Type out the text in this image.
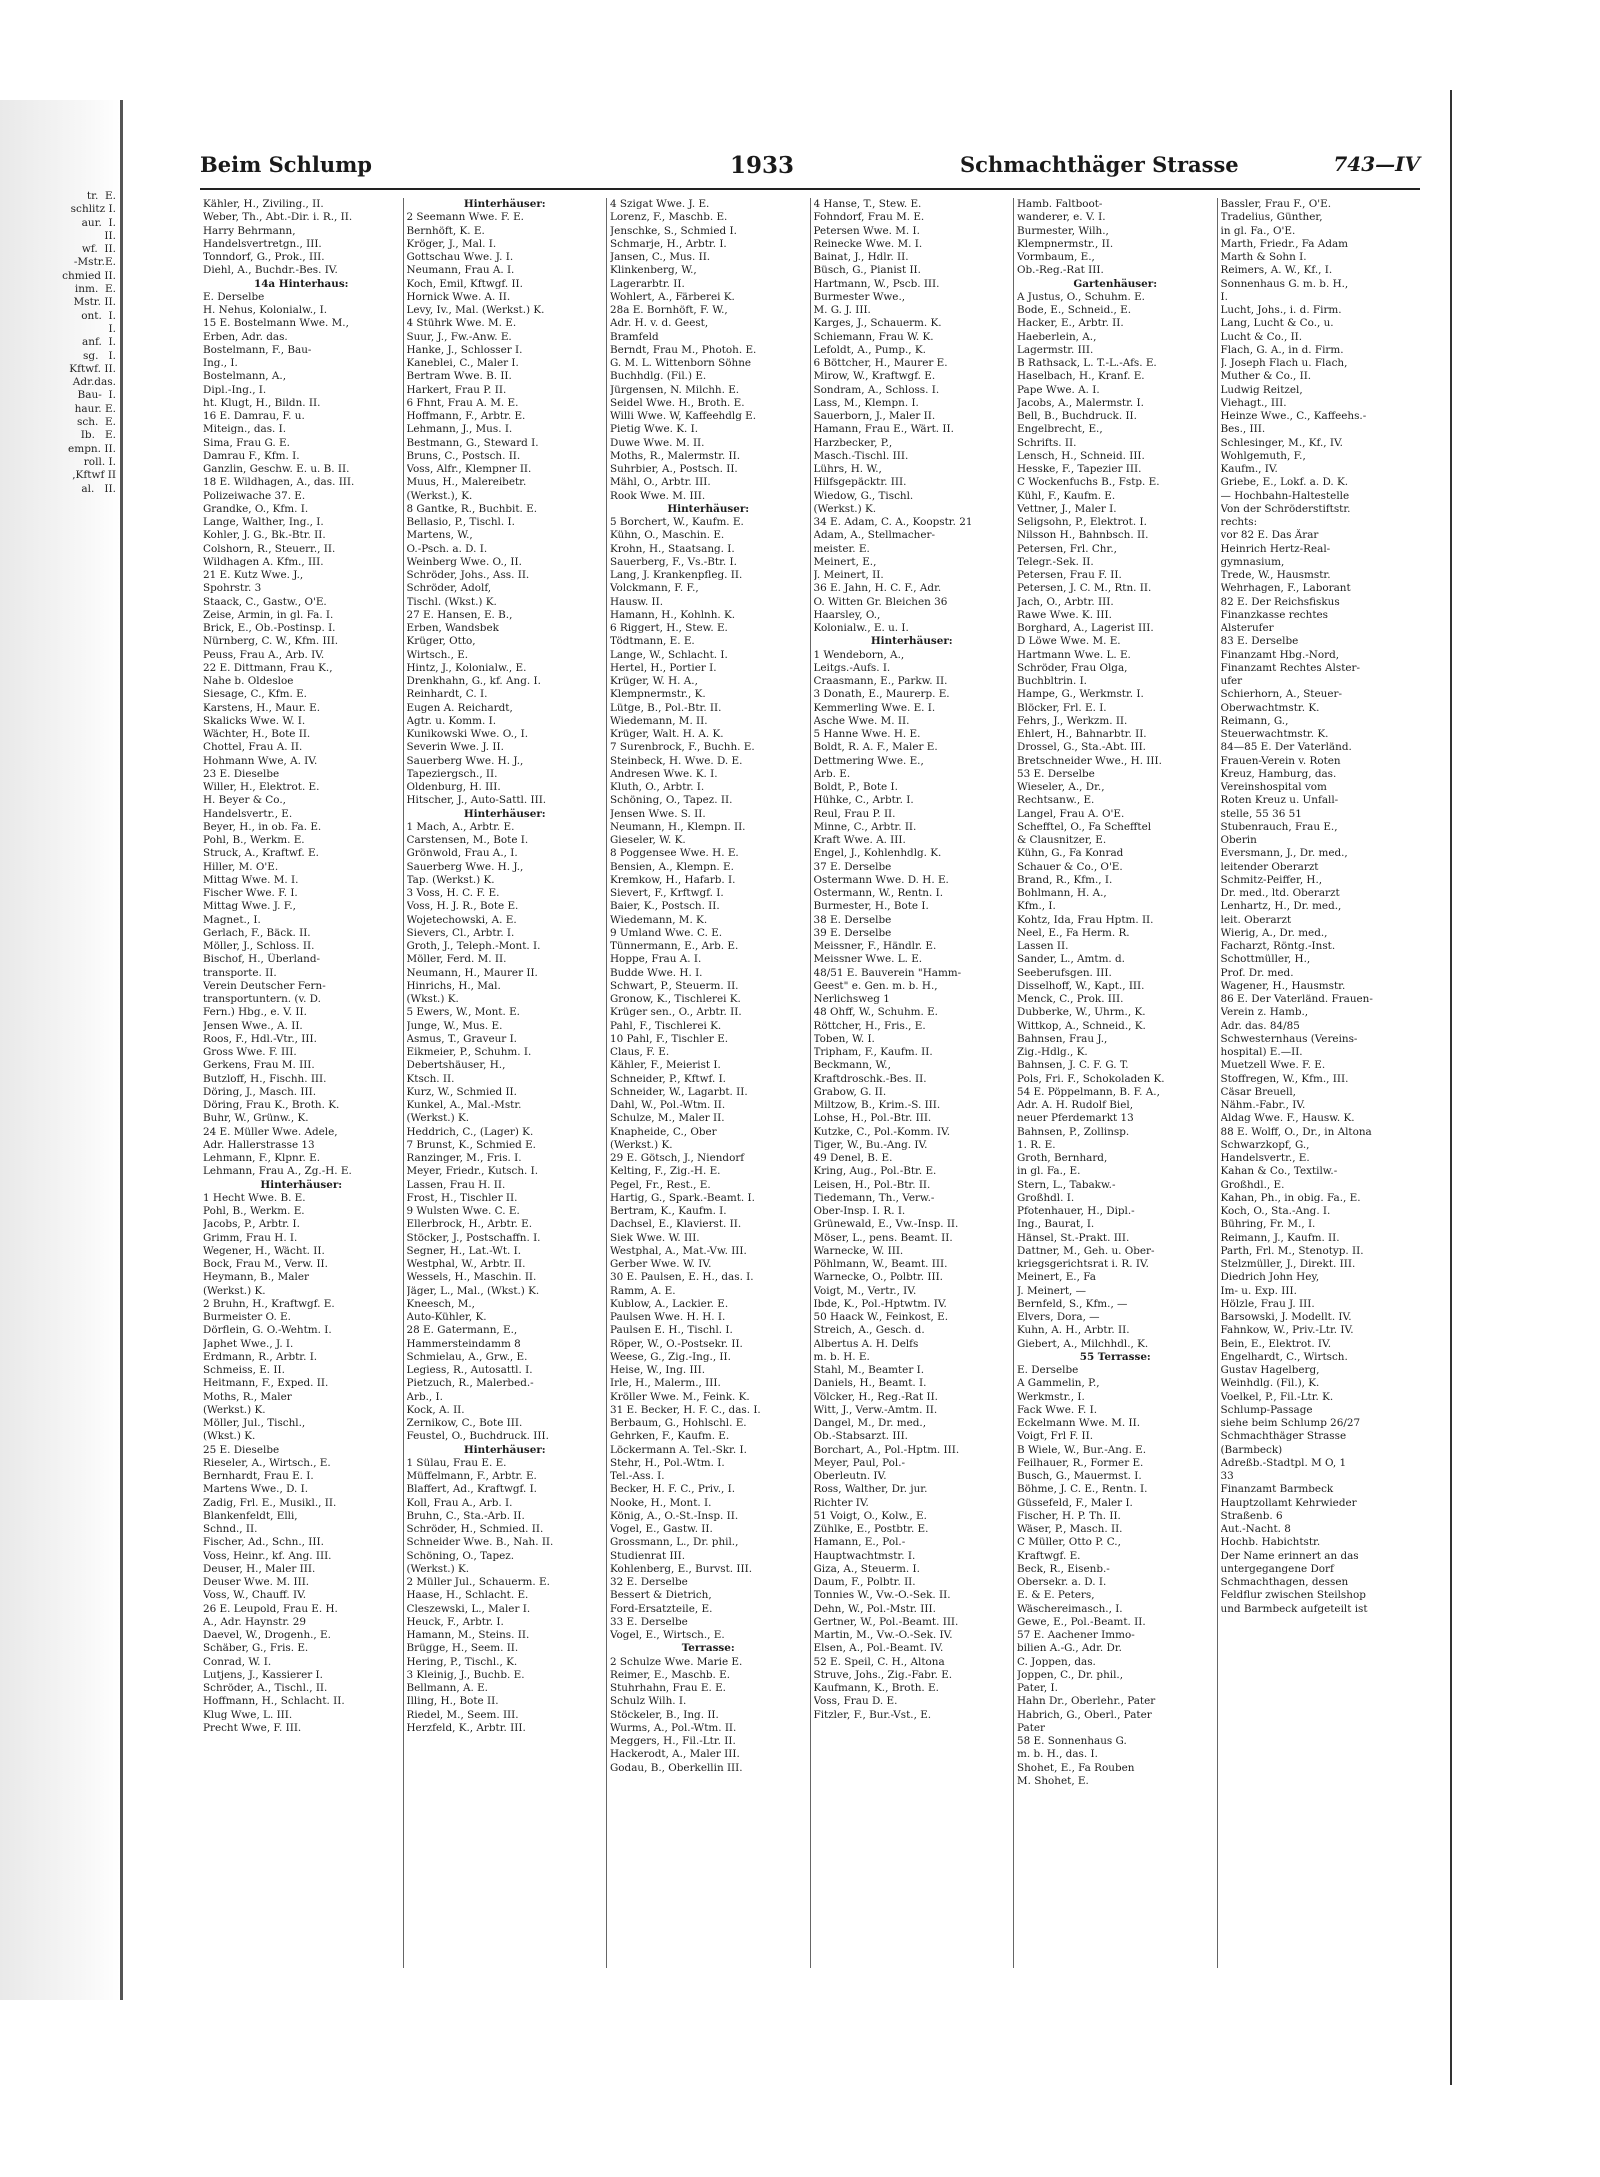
tr.  E.
schlitz I.
aur.  I.
II.
wf.  II.
-Mstr.E.
chmied II.
inm.  E.
Mstr. II.
ont.  I.
I.
anf.  I.
sg.   I.
Kftwf. II.
Adr.das.
Bau-  I.
haur. E.
sch.  E.
Ib.   E.
empn. II.
roll. I.
,Kftwf II
al.   II.
Beim Schlump	1933	Schmachthäger Strasse	743—IV
Kähler, H., Ziviling., II.
Weber, Th., Abt.-Dir. i. R., II.
Harry Behrmann,
Handelsvertretgn., III.
Tonndorf, G., Prok., III.
Diehl, A., Buchdr.-Bes. IV.
14a Hinterhaus:
E. Derselbe
H. Nehus, Kolonialw., I.
15 E. Bostelmann Wwe. M.,
Erben, Adr. das.
Bostelmann, F., Bau-
Ing., I.
Bostelmann, A.,
Dipl.-Ing., I.
ht. Klugt, H., Bildn. II.
16 E. Damrau, F. u.
Miteign., das. I.
Sima, Frau G. E.
Damrau F., Kfm. I.
Ganzlin, Geschw. E. u. B. II.
18 E. Wildhagen, A., das. III.
Polizeiwache 37. E.
Grandke, O., Kfm. I.
Lange, Walther, Ing., I.
Kohler, J. G., Bk.-Btr. II.
Colshorn, R., Steuerr., II.
Wildhagen A. Kfm., III.
21 E. Kutz Wwe. J.,
Spohrstr. 3
Staack, C., Gastw., O'E.
Zeise, Armin, in gl. Fa. I.
Brick, E., Ob.-Postinsp. I.
Nürnberg, C. W., Kfm. III.
Peuss, Frau A., Arb. IV.
22 E. Dittmann, Frau K.,
Nahe b. Oldesloe
Siesage, C., Kfm. E.
Karstens, H., Maur. E.
Skalicks Wwe. W. I.
Wächter, H., Bote II.
Chottel, Frau A. II.
Hohmann Wwe, A. IV.
23 E. Dieselbe
Willer, H., Elektrot. E.
H. Beyer & Co.,
Handelsvertr., E.
Beyer, H., in ob. Fa. E.
Pohl, B., Werkm. E.
Struck, A., Kraftwf. E.
Hiller, M. O'E.
Mittag Wwe. M. I.
Fischer Wwe. F. I.
Mittag Wwe. J. F.,
Magnet., I.
Gerlach, F., Bäck. II.
Möller, J., Schloss. II.
Bischof, H., Überland-
transporte. II.
Verein Deutscher Fern-
transportuntern. (v. D.
Fern.) Hbg., e. V. II.
Jensen Wwe., A. II.
Roos, F., Hdl.-Vtr., III.
Gross Wwe. F. III.
Gerkens, Frau M. III.
Butzloff, H., Fischh. III.
Döring, J., Masch. III.
Döring, Frau K., Broth. K.
Buhr, W., Grünw., K.
24 E. Müller Wwe. Adele,
Adr. Hallerstrasse 13
Lehmann, F., Klpnr. E.
Lehmann, Frau A., Zg.-H. E.
Hinterhäuser:
1 Hecht Wwe. B. E.
Pohl, B., Werkm. E.
Jacobs, P., Arbtr. I.
Grimm, Frau H. I.
Wegener, H., Wächt. II.
Bock, Frau M., Verw. II.
Heymann, B., Maler
(Werkst.) K.
2 Bruhn, H., Kraftwgf. E.
Burmeister O. E.
Dörflein, G. O.-Wehtm. I.
Japhet Wwe., J. I.
Erdmann, R., Arbtr. I.
Schmeiss, E. II.
Heitmann, F., Exped. II.
Moths, R., Maler
(Werkst.) K.
Möller, Jul., Tischl.,
(Wkst.) K.
25 E. Dieselbe
Rieseler, A., Wirtsch., E.
Bernhardt, Frau E. I.
Martens Wwe., D. I.
Zadig, Frl. E., Musikl., II.
Blankenfeldt, Elli,
Schnd., II.
Fischer, Ad., Schn., III.
Voss, Heinr., kf. Ang. III.
Deuser, H., Maler III.
Deuser Wwe. M. III.
Voss, W., Chauff. IV.
26 E. Leupold, Frau E. H.
A., Adr. Haynstr. 29
Daevel, W., Drogenh., E.
Schäber, G., Fris. E.
Conrad, W. I.
Lutjens, J., Kassierer I.
Schröder, A., Tischl., II.
Hoffmann, H., Schlacht. II.
Klug Wwe, L. III.
Precht Wwe, F. III.
Hinterhäuser:
2 Seemann Wwe. F. E.
Bernhöft, K. E.
Kröger, J., Mal. I.
Gottschau Wwe. J. I.
Neumann, Frau A. I.
Koch, Emil, Kftwgf. II.
Hornick Wwe. A. II.
Levy, Iv., Mal. (Werkst.) K.
4 Stührk Wwe. M. E.
Suur, J., Fw.-Anw. E.
Hanke, J., Schlosser I.
Kaneblei, C., Maler I.
Bertram Wwe. B. II.
Harkert, Frau P. II.
6 Fhnt, Frau A. M. E.
Hoffmann, F., Arbtr. E.
Lehmann, J., Mus. I.
Bestmann, G., Steward I.
Bruns, C., Postsch. II.
Voss, Alfr., Klempner II.
Muus, H., Malereibetr.
(Werkst.), K.
8 Gantke, R., Buchbit. E.
Bellasio, P., Tischl. I.
Martens, W.,
O.-Psch. a. D. I.
Weinberg Wwe. O., II.
Schröder, Johs., Ass. II.
Schröder, Adolf,
Tischl. (Wkst.) K.
27 E. Hansen, E. B.,
Erben, Wandsbek
Krüger, Otto,
Wirtsch., E.
Hintz, J., Kolonialw., E.
Drenkhahn, G., kf. Ang. I.
Reinhardt, C. I.
Eugen A. Reichardt,
Agtr. u. Komm. I.
Kunikowski Wwe. O., I.
Severin Wwe. J. II.
Sauerberg Wwe. H. J.,
Tapeziergsch., II.
Oldenburg, H. III.
Hitscher, J., Auto-Sattl. III.
Hinterhäuser:
1 Mach, A., Arbtr. E.
Carstensen, M., Bote I.
Grönwold, Frau A., I.
Sauerberg Wwe. H. J.,
Tap. (Werkst.) K.
3 Voss, H. C. F. E.
Voss, H. J. R., Bote E.
Wojetechowski, A. E.
Sievers, Cl., Arbtr. I.
Groth, J., Teleph.-Mont. I.
Möller, Ferd. M. II.
Neumann, H., Maurer II.
Hinrichs, H., Mal.
(Wkst.) K.
5 Ewers, W., Mont. E.
Junge, W., Mus. E.
Asmus, T., Graveur I.
Eikmeier, P., Schuhm. I.
Debertshäuser, H.,
Ktsch. II.
Kurz, W., Schmied II.
Kunkel, A., Mal.-Mstr.
(Werkst.) K.
Heddrich, C., (Lager) K.
7 Brunst, K., Schmied E.
Ranzinger, M., Fris. I.
Meyer, Friedr., Kutsch. I.
Lassen, Frau H. II.
Frost, H., Tischler II.
9 Wulsten Wwe. C. E.
Ellerbrock, H., Arbtr. E.
Stöcker, J., Postschaffn. I.
Segner, H., Lat.-Wt. I.
Westphal, W., Arbtr. II.
Wessels, H., Maschin. II.
Jäger, L., Mal., (Wkst.) K.
Kneesch, M.,
Auto-Kühler, K.
28 E. Gatermann, E.,
Hammersteindamm 8
Schmielau, A., Grw., E.
Legiess, R., Autosattl. I.
Pietzuch, R., Malerbed.-
Arb., I.
Kock, A. II.
Zernikow, C., Bote III.
Feustel, O., Buchdruck. III.
Hinterhäuser:
1 Sülau, Frau E. E.
Müffelmann, F., Arbtr. E.
Blaffert, Ad., Kraftwgf. I.
Koll, Frau A., Arb. I.
Bruhn, C., Sta.-Arb. II.
Schröder, H., Schmied. II.
Schneider Wwe. B., Nah. II.
Schöning, O., Tapez.
(Werkst.) K.
2 Müller Jul., Schauerm. E.
Haase, H., Schlacht. E.
Cleszewski, L., Maler I.
Heuck, F., Arbtr. I.
Hamann, M., Steins. II.
Brügge, H., Seem. II.
Hering, P., Tischl., K.
3 Kleinig, J., Buchb. E.
Bellmann, A. E.
Illing, H., Bote II.
Riedel, M., Seem. III.
Herzfeld, K., Arbtr. III.
4 Szigat Wwe. J. E.
Lorenz, F., Maschb. E.
Jenschke, S., Schmied I.
Schmarje, H., Arbtr. I.
Jansen, C., Mus. II.
Klinkenberg, W.,
Lagerarbtr. II.
Wohlert, A., Färberei K.
28a E. Bornhöft, F. W.,
Adr. H. v. d. Geest,
Bramfeld
Berndt, Frau M., Photoh. E.
G. M. L. Wittenborn Söhne
Buchhdlg. (Fil.) E.
Jürgensen, N. Milchh. E.
Seidel Wwe. H., Broth. E.
Willi Wwe. W, Kaffeehdlg E.
Pietig Wwe. K. I.
Duwe Wwe. M. II.
Moths, R., Malermstr. II.
Suhrbier, A., Postsch. II.
Mähl, O., Arbtr. III.
Rook Wwe. M. III.
Hinterhäuser:
5 Borchert, W., Kaufm. E.
Kühn, O., Maschin. E.
Krohn, H., Staatsang. I.
Sauerberg, F., Vs.-Btr. I.
Lang, J. Krankenpfleg. II.
Volckmann, F. F.,
Hausw. II.
Hamann, H., Kohlnh. K.
6 Riggert, H., Stew. E.
Tödtmann, E. E.
Lange, W., Schlacht. I.
Hertel, H., Portier I.
Krüger, W. H. A.,
Klempnermstr., K.
Lütge, B., Pol.-Btr. II.
Wiedemann, M. II.
Krüger, Walt. H. A. K.
7 Surenbrock, F., Buchh. E.
Steinbeck, H. Wwe. D. E.
Andresen Wwe. K. I.
Kluth, O., Arbtr. I.
Schöning, O., Tapez. II.
Jensen Wwe. S. II.
Neumann, H., Klempn. II.
Gieseler, W. K.
8 Poggensee Wwe. H. E.
Bensien, A., Klempn. E.
Kremkow, H., Hafarb. I.
Sievert, F., Krftwgf. I.
Baier, K., Postsch. II.
Wiedemann, M. K.
9 Umland Wwe. C. E.
Tünnermann, E., Arb. E.
Hoppe, Frau A. I.
Budde Wwe. H. I.
Schwart, P., Steuerm. II.
Gronow, K., Tischlerei K.
Krüger sen., O., Arbtr. II.
Pahl, F., Tischlerei K.
10 Pahl, F., Tischler E.
Claus, F. E.
Kähler, F., Meierist I.
Schneider, P., Kftwf. I.
Schneider, W., Lagarbt. II.
Dahl, W., Pol.-Wtm. II.
Schulze, M., Maler II.
Knapheide, C., Ober
(Werkst.) K.
29 E. Götsch, J., Niendorf
Kelting, F., Zig.-H. E.
Pegel, Fr., Rest., E.
Hartig, G., Spark.-Beamt. I.
Bertram, K., Kaufm. I.
Dachsel, E., Klavierst. II.
Siek Wwe. W. III.
Westphal, A., Mat.-Vw. III.
Gerber Wwe. W. IV.
30 E. Paulsen, E. H., das. I.
Ramm, A. E.
Kublow, A., Lackier. E.
Paulsen Wwe. H. H. I.
Paulsen E. H., Tischl. I.
Röper, W., O.-Postsekr. II.
Weese, G., Zig.-Ing., II.
Heise, W., Ing. III.
Irle, H., Malerm., III.
Kröller Wwe. M., Feink. K.
31 E. Becker, H. F. C., das. I.
Berbaum, G., Hohlschl. E.
Gehrken, F., Kaufm. E.
Löckermann A. Tel.-Skr. I.
Stehr, H., Pol.-Wtm. I.
Tel.-Ass. I.
Becker, H. F. C., Priv., I.
Nooke, H., Mont. I.
König, A., O.-St.-Insp. II.
Vogel, E., Gastw. II.
Grossmann, L., Dr. phil.,
Studienrat III.
Kohlenberg, E., Burvst. III.
32 E. Derselbe
Bessert & Dietrich,
Ford-Ersatzteile, E.
33 E. Derselbe
Vogel, E., Wirtsch., E.
Terrasse:
2 Schulze Wwe. Marie E.
Reimer, E., Maschb. E.
Stuhrhahn, Frau E. E.
Schulz Wilh. I.
Stöckeler, B., Ing. II.
Wurms, A., Pol.-Wtm. II.
Meggers, H., Fil.-Ltr. II.
Hackerodt, A., Maler III.
Godau, B., Oberkellin III.
4 Hanse, T., Stew. E.
Fohndorf, Frau M. E.
Petersen Wwe. M. I.
Reinecke Wwe. M. I.
Bainat, J., Hdlr. II.
Büsch, G., Pianist II.
Hartmann, W., Pscb. III.
Burmester Wwe.,
M. G. J. III.
Karges, J., Schauerm. K.
Schiemann, Frau W. K.
Lefoldt, A., Pump., K.
6 Böttcher, H., Maurer E.
Mirow, W., Kraftwgf. E.
Sondram, A., Schloss. I.
Lass, M., Klempn. I.
Sauerborn, J., Maler II.
Hamann, Frau E., Wärt. II.
Harzbecker, P.,
Masch.-Tischl. III.
Lührs, H. W.,
Hilfsgepäcktr. III.
Wiedow, G., Tischl.
(Werkst.) K.
34 E. Adam, C. A., Koopstr. 21
Adam, A., Stellmacher-
meister. E.
Meinert, E.,
J. Meinert, II.
36 E. Jahn, H. C. F., Adr.
O. Witten Gr. Bleichen 36
Haarsley, O.,
Kolonialw., E. u. I.
Hinterhäuser:
1 Wendeborn, A.,
Leitgs.-Aufs. I.
Craasmann, E., Parkw. II.
3 Donath, E., Maurerp. E.
Kemmerling Wwe. E. I.
Asche Wwe. M. II.
5 Hanne Wwe. H. E.
Boldt, R. A. F., Maler E.
Dettmering Wwe. E.,
Arb. E.
Boldt, P., Bote I.
Hühke, C., Arbtr. I.
Reul, Frau P. II.
Minne, C., Arbtr. II.
Kraft Wwe. A. III.
Engel, J., Kohlenhdlg. K.
37 E. Derselbe
Ostermann Wwe. D. H. E.
Ostermann, W., Rentn. I.
Burmester, H., Bote I.
38 E. Derselbe
39 E. Derselbe
Meissner, F., Händlr. E.
Meissner Wwe. L. E.
48/51 E. Bauverein "Hamm-
Geest" e. Gen. m. b. H.,
Nerlichsweg 1
48 Ohff, W., Schuhm. E.
Röttcher, H., Fris., E.
Toben, W. I.
Tripham, F., Kaufm. II.
Beckmann, W.,
Kraftdroschk.-Bes. II.
Grabow, G. II.
Miltzow, B., Krim.-S. III.
Lohse, H., Pol.-Btr. III.
Kutzke, C., Pol.-Komm. IV.
Tiger, W., Bu.-Ang. IV.
49 Denel, B. E.
Kring, Aug., Pol.-Btr. E.
Leisen, H., Pol.-Btr. II.
Tiedemann, Th., Verw.-
Ober-Insp. I. R. I.
Grünewald, E., Vw.-Insp. II.
Möser, L., pens. Beamt. II.
Warnecke, W. III.
Pöhlmann, W., Beamt. III.
Warnecke, O., Polbtr. III.
Voigt, M., Vertr., IV.
Ibde, K., Pol.-Hptwtm. IV.
50 Haack W., Feinkost, E.
Streich, A., Gesch. d.
Albertus A. H. Delfs
m. b. H. E.
Stahl, M., Beamter I.
Daniels, H., Beamt. I.
Völcker, H., Reg.-Rat II.
Witt, J., Verw.-Amtm. II.
Dangel, M., Dr. med.,
Ob.-Stabsarzt. III.
Borchart, A., Pol.-Hptm. III.
Meyer, Paul, Pol.-
Oberleutn. IV.
Ross, Walther, Dr. jur.
Richter IV.
51 Voigt, O., Kolw., E.
Zühlke, E., Postbtr. E.
Hamann, E., Pol.-
Hauptwachtmstr. I.
Giza, A., Steuerm. I.
Daum, F., Polbtr. II.
Tonnies W., Vw.-O.-Sek. II.
Dehn, W., Pol.-Mstr. III.
Gertner, W., Pol.-Beamt. III.
Martin, M., Vw.-O.-Sek. IV.
Elsen, A., Pol.-Beamt. IV.
52 E. Speil, C. H., Altona
Struve, Johs., Zig.-Fabr. E.
Kaufmann, K., Broth. E.
Voss, Frau D. E.
Fitzler, F., Bur.-Vst., E.
Hamb. Faltboot-
wanderer, e. V. I.
Burmester, Wilh.,
Klempnermstr., II.
Vormbaum, E.,
Ob.-Reg.-Rat III.
Gartenhäuser:
A Justus, O., Schuhm. E.
Bode, E., Schneid., E.
Hacker, E., Arbtr. II.
Haeberlein, A.,
Lagermstr. III.
B Rathsack, L. T.-L.-Afs. E.
Haselbach, H., Kranf. E.
Pape Wwe. A. I.
Jacobs, A., Malermstr. I.
Bell, B., Buchdruck. II.
Engelbrecht, E.,
Schrifts. II.
Lensch, H., Schneid. III.
Hesske, F., Tapezier III.
C Wockenfuchs B., Fstp. E.
Kühl, F., Kaufm. E.
Vettner, J., Maler I.
Seligsohn, P., Elektrot. I.
Nilsson H., Bahnbsch. II.
Petersen, Frl. Chr.,
Telegr.-Sek. II.
Petersen, Frau F. II.
Petersen, J. C. M., Rtn. II.
Jach, O., Arbtr. III.
Rawe Wwe. K. III.
Borghard, A., Lagerist III.
D Löwe Wwe. M. E.
Hartmann Wwe. L. E.
Schröder, Frau Olga,
Buchbltrin. I.
Hampe, G., Werkmstr. I.
Blöcker, Frl. E. I.
Fehrs, J., Werkzm. II.
Ehlert, H., Bahnarbtr. II.
Drossel, G., Sta.-Abt. III.
Bretschneider Wwe., H. III.
53 E. Derselbe
Wieseler, A., Dr.,
Rechtsanw., E.
Langel, Frau A. O'E.
Schefftel, O., Fa Schefftel
& Clausnitzer, E.
Kühn, G., Fa Konrad
Schauer & Co., O'E.
Brand, R., Kfm., I.
Bohlmann, H. A.,
Kfm., I.
Kohtz, Ida, Frau Hptm. II.
Neel, E., Fa Herm. R.
Lassen II.
Sander, L., Amtm. d.
Seeberufsgen. III.
Disselhoff, W., Kapt., III.
Menck, C., Prok. III.
Dubberke, W., Uhrm., K.
Wittkop, A., Schneid., K.
Bahnsen, Frau J.,
Zig.-Hdlg., K.
Bahnsen, J. C. F. G. T.
Pols, Fri. F., Schokoladen K.
54 E. Pöppelmann, B. F. A.,
Adr. A. H. Rudolf Biel,
neuer Pferdemarkt 13
Bahnsen, P., Zollinsp.
1. R. E.
Groth, Bernhard,
in gl. Fa., E.
Stern, L., Tabakw.-
Großhdl. I.
Pfotenhauer, H., Dipl.-
Ing., Baurat, I.
Hänsel, St.-Prakt. III.
Dattner, M., Geh. u. Ober-
kriegsgerichtsrat i. R. IV.
Meinert, E., Fa
J. Meinert, —
Bernfeld, S., Kfm., —
Elvers, Dora, —
Kuhn, A. H., Arbtr. II.
Giebert, A., Milchhdl., K.
55 Terrasse:
E. Derselbe
A Gammelin, P.,
Werkmstr., I.
Fack Wwe. F. I.
Eckelmann Wwe. M. II.
Voigt, Frl F. II.
B Wiele, W., Bur.-Ang. E.
Feilhauer, R., Former E.
Busch, G., Mauermst. I.
Böhme, J. C. E., Rentn. I.
Güssefeld, F., Maler I.
Fischer, H. P. Th. II.
Wäser, P., Masch. II.
C Müller, Otto P. C.,
Kraftwgf. E.
Beck, R., Eisenb.-
Obersekr. a. D. I.
E. & E. Peters,
Wäschereimasch., I.
Gewe, E., Pol.-Beamt. II.
57 E. Aachener Immo-
bilien A.-G., Adr. Dr.
C. Joppen, das.
Joppen, C., Dr. phil.,
Pater, I.
Hahn Dr., Oberlehr., Pater
Habrich, G., Oberl., Pater
Pater
58 E. Sonnenhaus G.
m. b. H., das. I.
Shohet, E., Fa Rouben
M. Shohet, E.
Bassler, Frau F., O'E.
Tradelius, Günther,
in gl. Fa., O'E.
Marth, Friedr., Fa Adam
Marth & Sohn I.
Reimers, A. W., Kf., I.
Sonnenhaus G. m. b. H.,
I.
Lucht, Johs., i. d. Firm.
Lang, Lucht & Co., u.
Lucht & Co., II.
Flach, G. A., in d. Firm.
J. Joseph Flach u. Flach,
Muther & Co., II.
Ludwig Reitzel,
Viehagt., III.
Heinze Wwe., C., Kaffeehs.-
Bes., III.
Schlesinger, M., Kf., IV.
Wohlgemuth, F.,
Kaufm., IV.
Griebe, E., Lokf. a. D. K.
— Hochbahn-Haltestelle
Von der Schröderstiftstr.
rechts:
vor 82 E. Das Ärar
Heinrich Hertz-Real-
gymnasium,
Trede, W., Hausmstr.
Wehrhagen, F., Laborant
82 E. Der Reichsfiskus
Finanzkasse rechtes
Alsterufer
83 E. Derselbe
Finanzamt Hbg.-Nord,
Finanzamt Rechtes Alster-
ufer
Schierhorn, A., Steuer-
Oberwachtmstr. K.
Reimann, G.,
Steuerwachtmstr. K.
84—85 E. Der Vaterländ.
Frauen-Verein v. Roten
Kreuz, Hamburg, das.
Vereinshospital vom
Roten Kreuz u. Unfall-
stelle, 55 36 51
Stubenrauch, Frau E.,
Oberin
Eversmann, J., Dr. med.,
leitender Oberarzt
Schmitz-Peiffer, H.,
Dr. med., ltd. Oberarzt
Lenhartz, H., Dr. med.,
leit. Oberarzt
Wierig, A., Dr. med.,
Facharzt, Röntg.-Inst.
Schottmüller, H.,
Prof. Dr. med.
Wagener, H., Hausmstr.
86 E. Der Vaterländ. Frauen-
Verein z. Hamb.,
Adr. das. 84/85
Schwesternhaus (Vereins-
hospital) E.—II.
Muetzell Wwe. F. E.
Stoffregen, W., Kfm., III.
Cäsar Breuell,
Nähm.-Fabr., IV.
Aldag Wwe. F., Hausw. K.
88 E. Wolff, O., Dr., in Altona
Schwarzkopf, G.,
Handelsvertr., E.
Kahan & Co., Textilw.-
Großhdl., E.
Kahan, Ph., in obig. Fa., E.
Koch, O., Sta.-Ang. I.
Bühring, Fr. M., I.
Reimann, J., Kaufm. II.
Parth, Frl. M., Stenotyp. II.
Stelzmüller, J., Direkt. III.
Diedrich John Hey,
Im- u. Exp. III.
Hölzle, Frau J. III.
Barsowski, J. Modellt. IV.
Fahnkow, W., Priv.-Ltr. IV.
Bein, E., Elektrot. IV.
Engelhardt, C., Wirtsch.
Gustav Hagelberg,
Weinhdlg. (Fil.), K.
Voelkel, P., Fil.-Ltr. K.
Schlump-Passage
siehe beim Schlump 26/27
Schmachthäger Strasse
(Barmbeck)
Adreßb.-Stadtpl. M O, 1
33
Finanzamt Barmbeck
Hauptzollamt Kehrwieder
Straßenb. 6
Aut.-Nacht. 8
Hochb. Habichtstr.
Der Name erinnert an das
untergegangene Dorf
Schmachthagen, dessen
Feldflur zwischen Steilshop
und Barmbeck aufgeteilt ist
